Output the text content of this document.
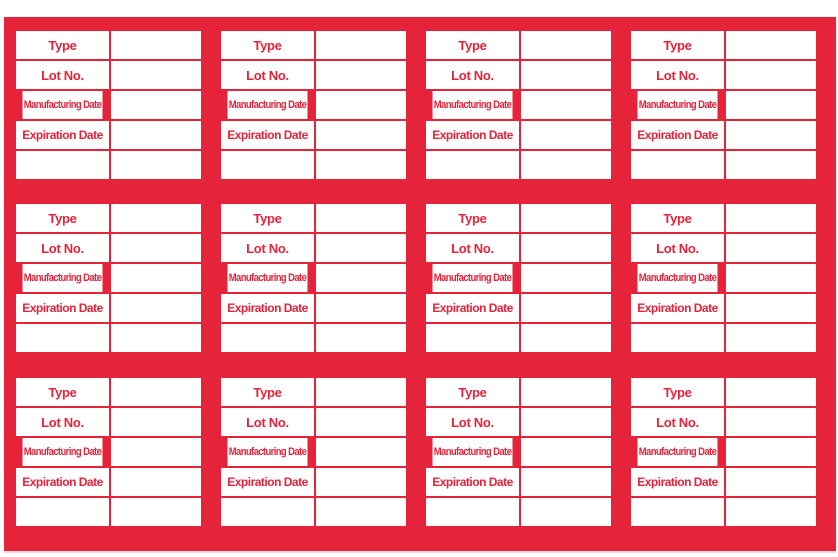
Type
Lot No.
Manufacturing Date
Expiration Date
Type
Lot No.
Manufacturing Date
Expiration Date
Type
Lot No.
Manufacturing Date
Expiration Date
Type
Lot No.
Manufacturing Date
Expiration Date
Type
Lot No.
Manufacturing Date
Expiration Date
Type
Lot No.
Manufacturing Date
Expiration Date
Type
Lot No.
Manufacturing Date
Expiration Date
Type
Lot No.
Manufacturing Date
Expiration Date
Type
Lot No.
Manufacturing Date
Expiration Date
Type
Lot No.
Manufacturing Date
Expiration Date
Type
Lot No.
Manufacturing Date
Expiration Date
Type
Lot No.
Manufacturing Date
Expiration Date
